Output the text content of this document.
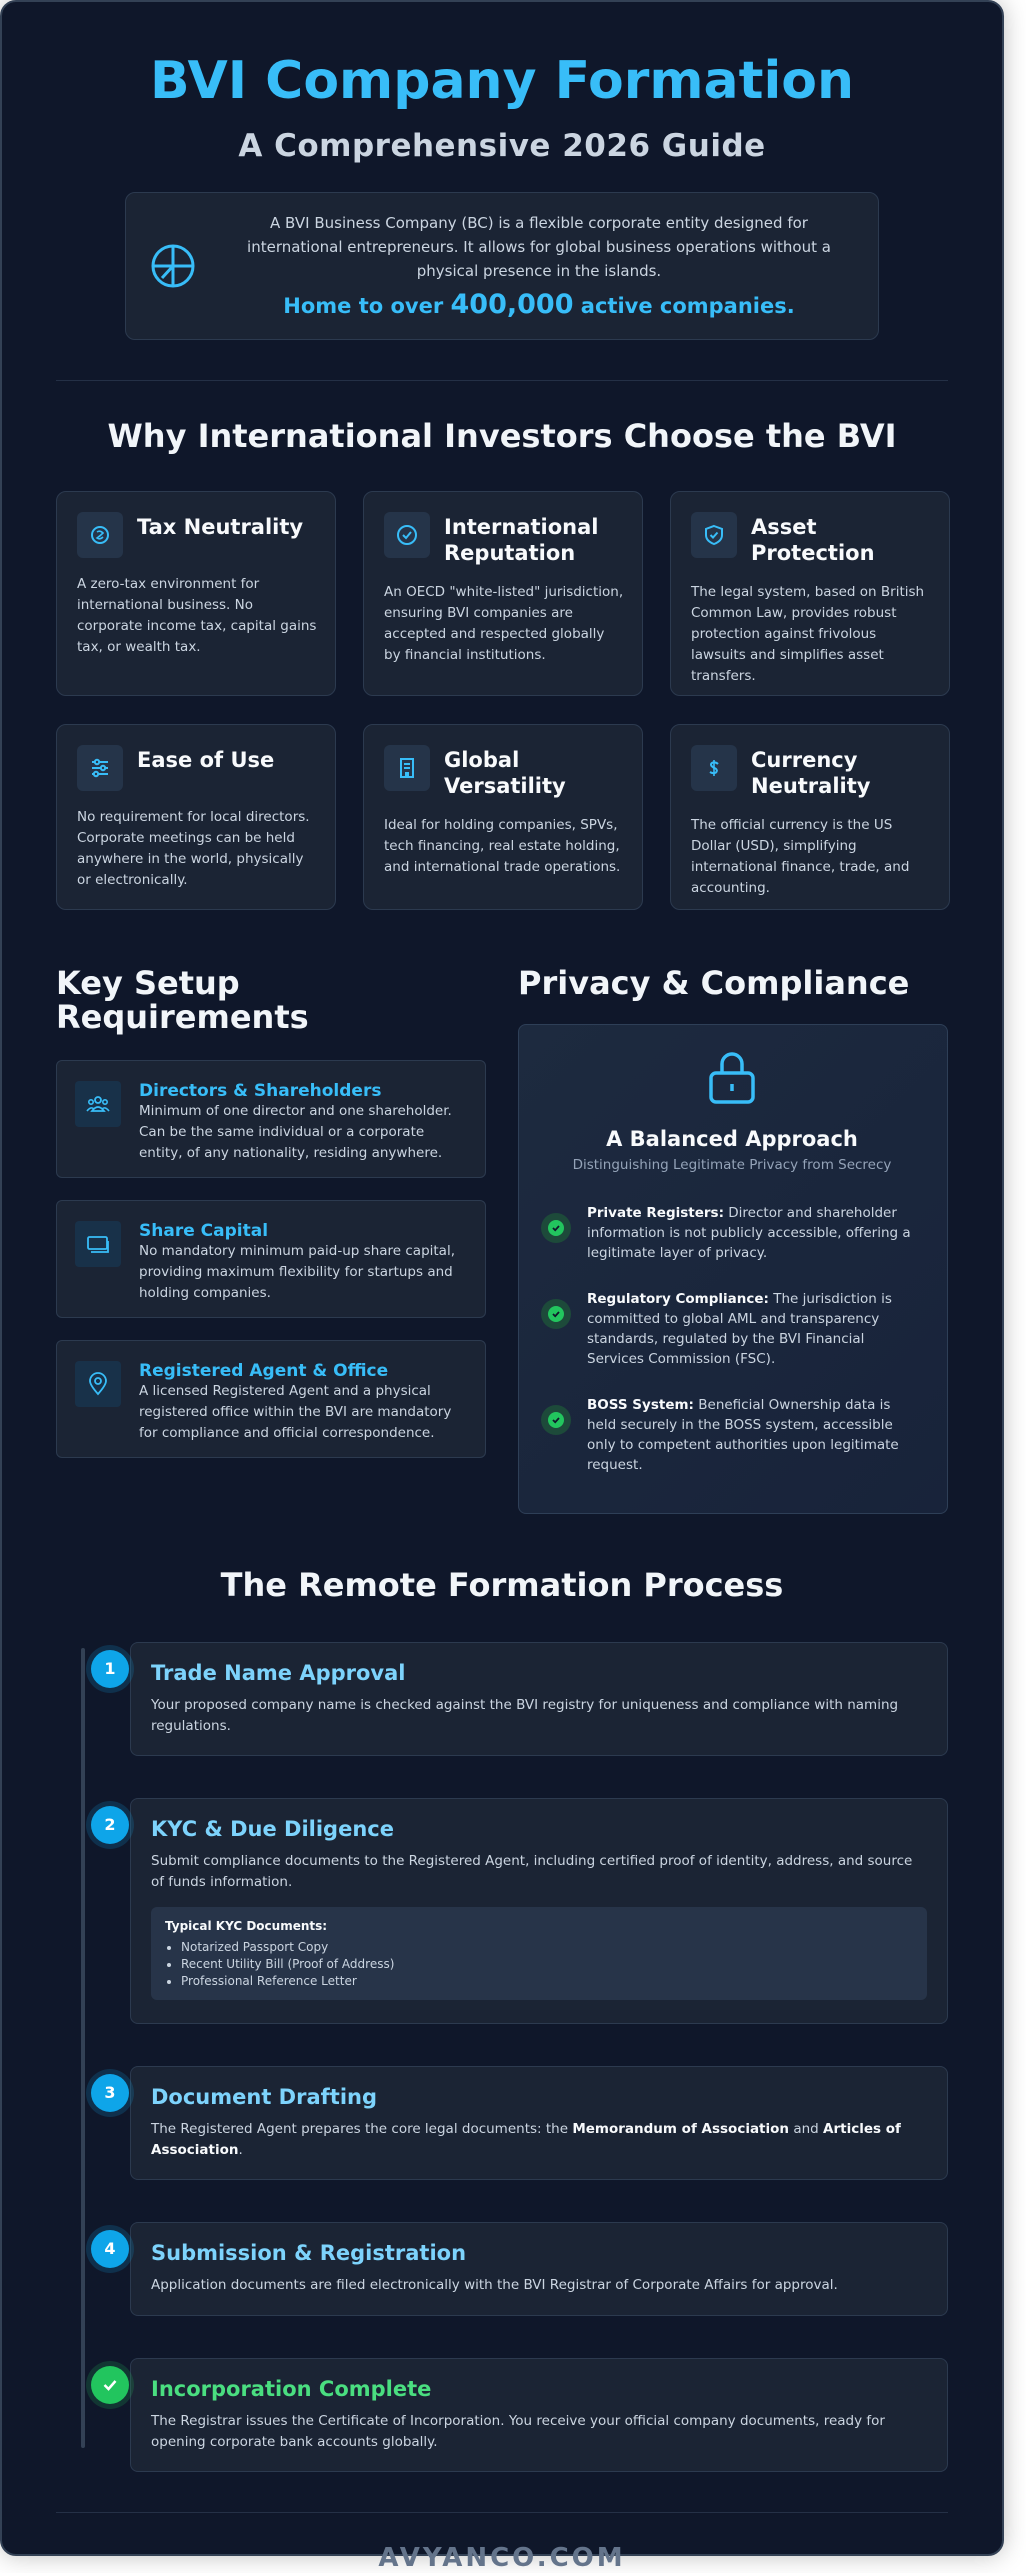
BVI Company Formation
A Comprehensive 2026 Guide
A BVI Business Company (BC) is a flexible corporate entity designed for international entrepreneurs. It allows for global business operations without a physical presence in the islands.
Home to over 400,000 active companies.
Why International Investors Choose the BVI
Tax Neutrality
A zero-tax environment for international business. No corporate income tax, capital gains tax, or wealth tax.
International Reputation
An OECD "white-listed" jurisdiction, ensuring BVI companies are accepted and respected globally by financial institutions.
Asset Protection
The legal system, based on British Common Law, provides robust protection against frivolous lawsuits and simplifies asset transfers.
Ease of Use
No requirement for local directors. Corporate meetings can be held anywhere in the world, physically or electronically.
Global Versatility
Ideal for holding companies, SPVs, tech financing, real estate holding, and international trade operations.
Currency Neutrality
The official currency is the US Dollar (USD), simplifying international finance, trade, and accounting.
Key Setup Requirements
Directors & Shareholders
Minimum of one director and one shareholder. Can be the same individual or a corporate entity, of any nationality, residing anywhere.
Share Capital
No mandatory minimum paid-up share capital, providing maximum flexibility for startups and holding companies.
Registered Agent & Office
A licensed Registered Agent and a physical registered office within the BVI are mandatory for compliance and official correspondence.
Privacy & Compliance
A Balanced Approach
Distinguishing Legitimate Privacy from Secrecy
Private Registers: Director and shareholder information is not publicly accessible, offering a legitimate layer of privacy.
Regulatory Compliance: The jurisdiction is committed to global AML and transparency standards, regulated by the BVI Financial Services Commission (FSC).
BOSS System: Beneficial Ownership data is held securely in the BOSS system, accessible only to competent authorities upon legitimate request.
The Remote Formation Process
1	Trade Name Approval
Your proposed company name is checked against the BVI registry for uniqueness and compliance with naming regulations.
2	KYC & Due Diligence
Submit compliance documents to the Registered Agent, including certified proof of identity, address, and source of funds information.
Typical KYC Documents:
• Notarized Passport Copy
• Recent Utility Bill (Proof of Address)
• Professional Reference Letter
3	Document Drafting
The Registered Agent prepares the core legal documents: the Memorandum of Association and Articles of Association.
4	Submission & Registration
Application documents are filed electronically with the BVI Registrar of Corporate Affairs for approval.
Incorporation Complete
The Registrar issues the Certificate of Incorporation. You receive your official company documents, ready for opening corporate bank accounts globally.
AVYANCO.COM
